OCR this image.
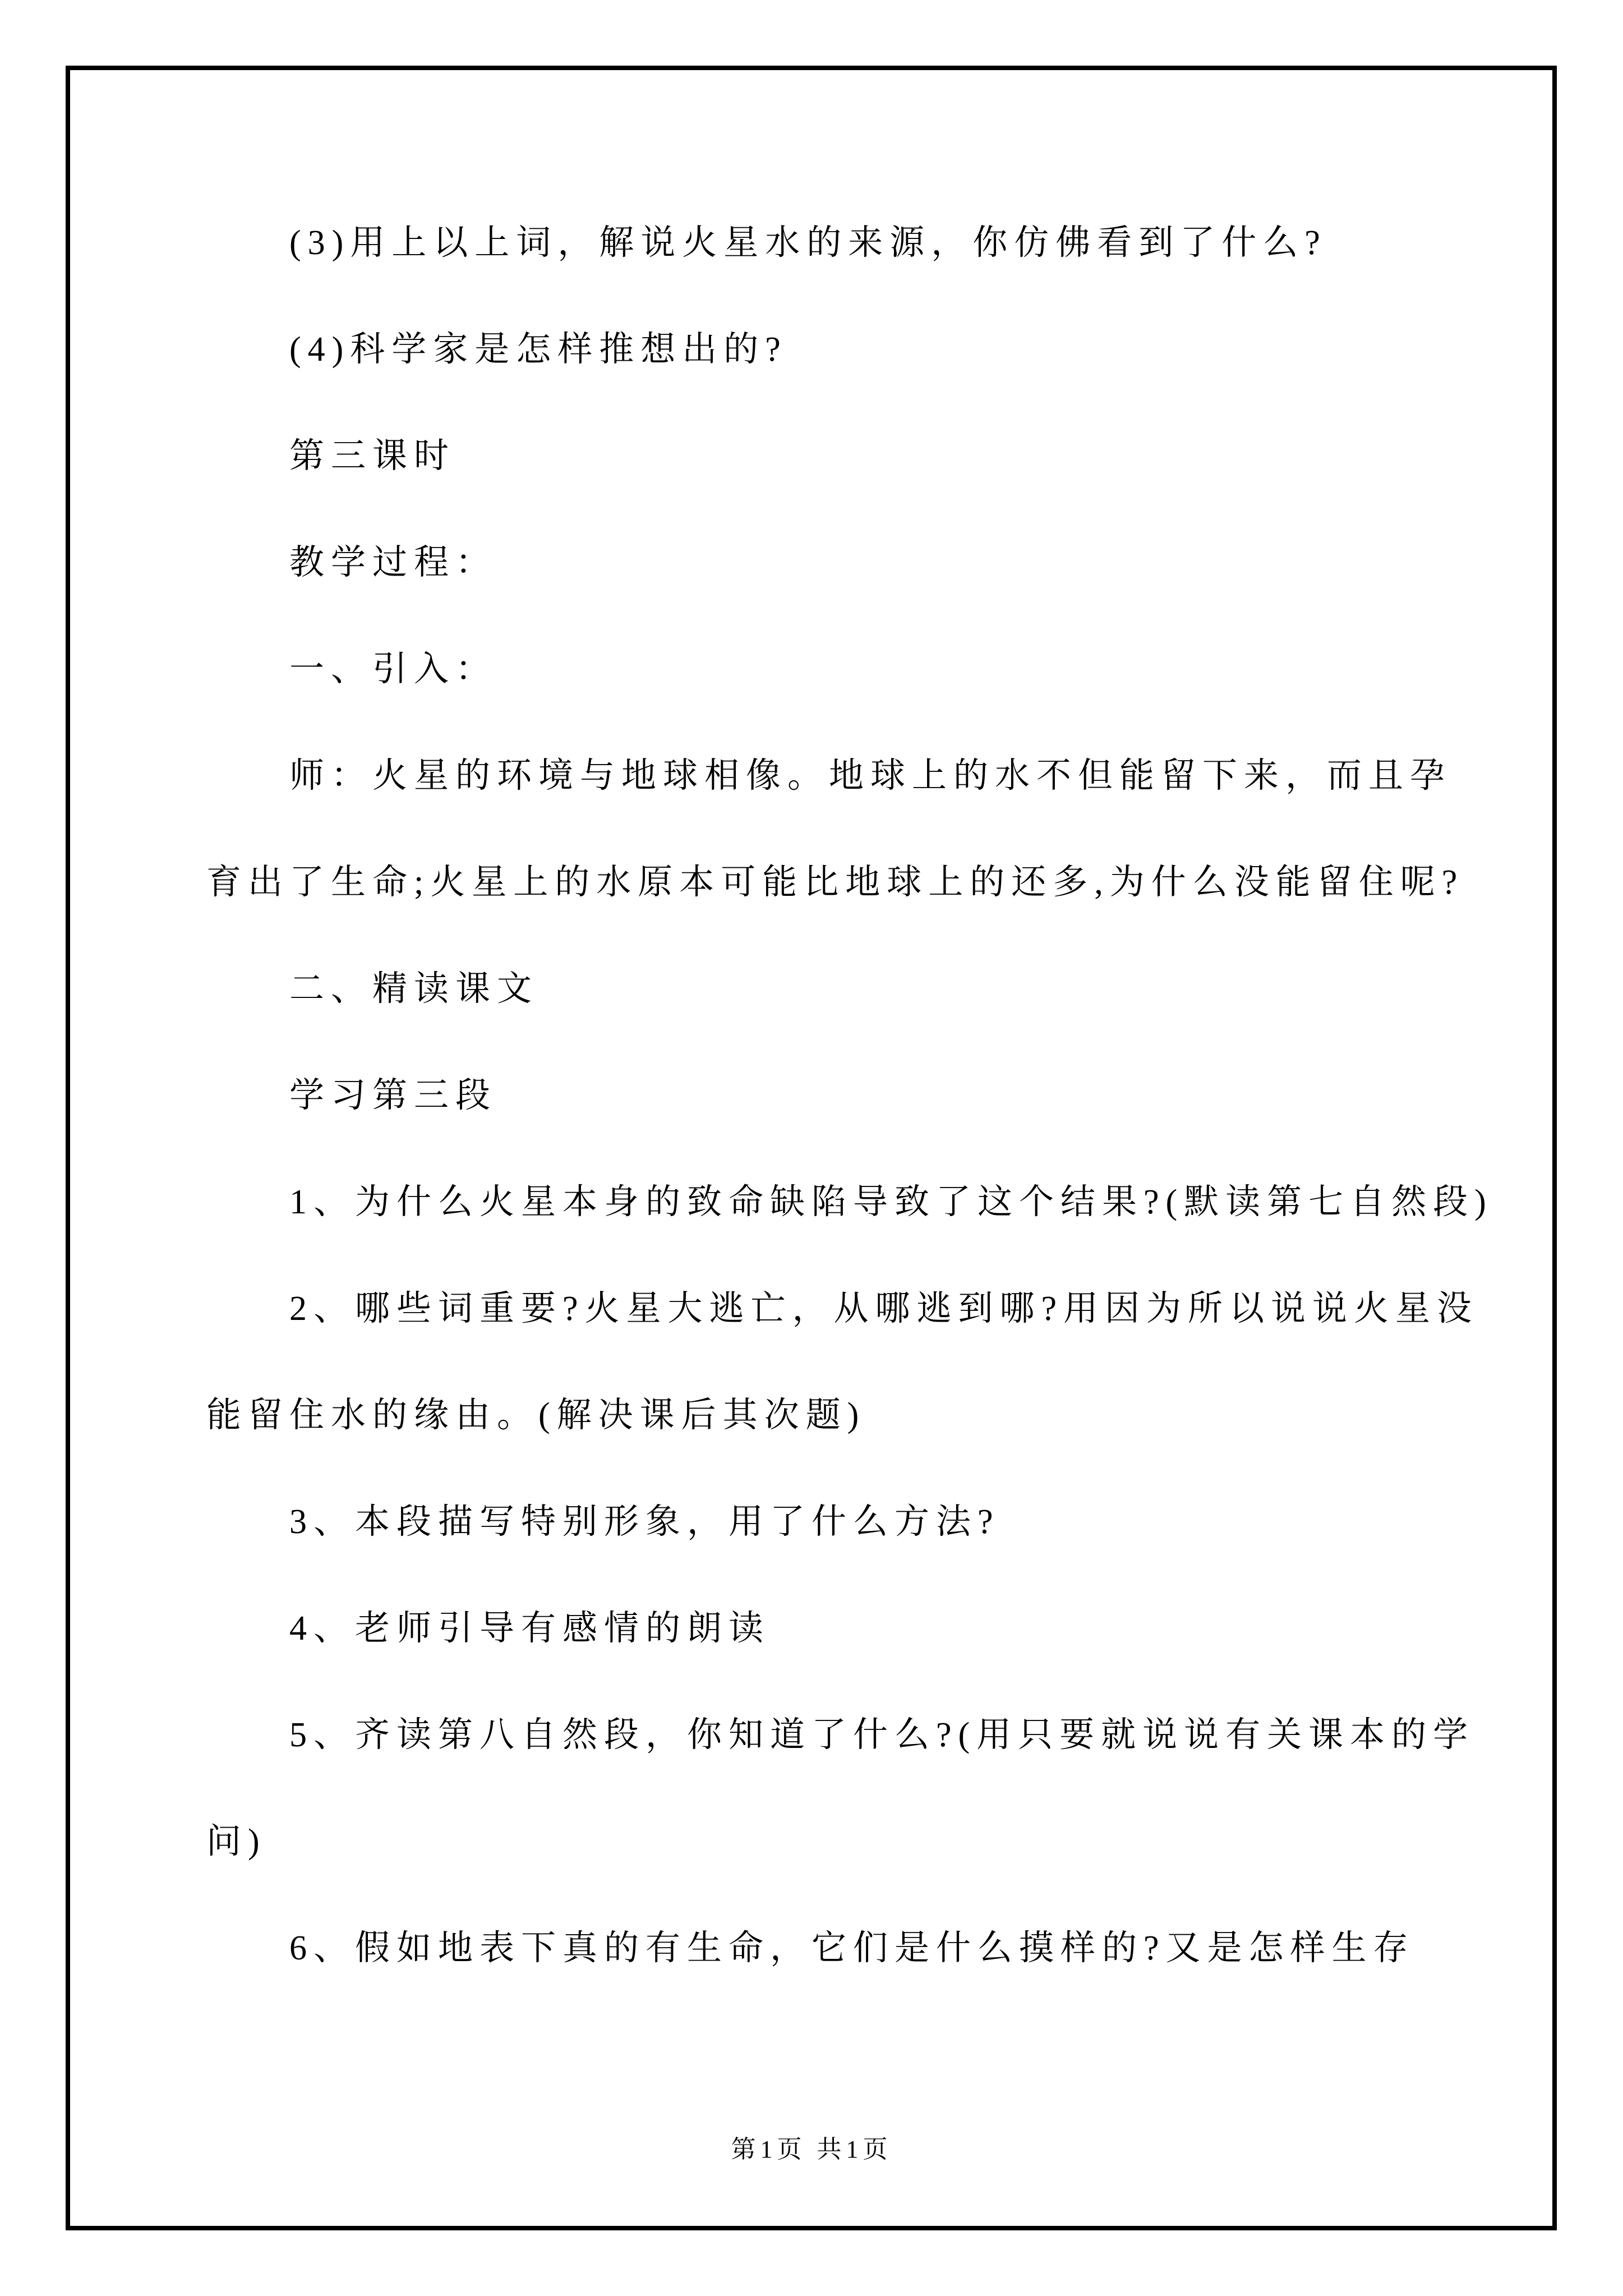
(3)用上以上词，解说火星水的来源，你仿佛看到了什么?
(4)科学家是怎样推想出的?
第三课时
教学过程：
一、引入：
师：火星的环境与地球相像。地球上的水不但能留下来，而且孕
育出了生命;火星上的水原本可能比地球上的还多,为什么没能留住呢?
二、精读课文
学习第三段
1、为什么火星本身的致命缺陷导致了这个结果?(默读第七自然段)
2、哪些词重要?火星大逃亡，从哪逃到哪?用因为所以说说火星没
能留住水的缘由。(解决课后其次题)
3、本段描写特别形象，用了什么方法?
4、老师引导有感情的朗读
5、齐读第八自然段，你知道了什么?(用只要就说说有关课本的学
问)
6、假如地表下真的有生命，它们是什么摸样的?又是怎样生存
第1页 共1页
